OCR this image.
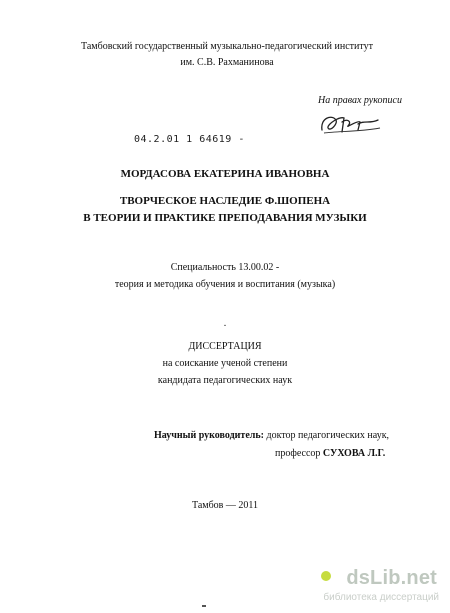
Тамбовский государственный музыкально-педагогический институт
им. С.В. Рахманинова
На правах рукописи
04.2.01 1 64619 -
МОРДАСОВА ЕКАТЕРИНА ИВАНОВНА
ТВОРЧЕСКОЕ НАСЛЕДИЕ Ф.ШОПЕНА
В ТЕОРИИ И ПРАКТИКЕ ПРЕПОДАВАНИЯ МУЗЫКИ
Специальность 13.00.02 -
теория и методика обучения и воспитания (музыка)
.
ДИССЕРТАЦИЯ
на соискание ученой степени
кандидата педагогических наук
Научный руководитель: доктор педагогических наук,
профессор СУХОВА Л.Г.
Тамбов — 2011
dsLib.net
библиотека диссертаций
